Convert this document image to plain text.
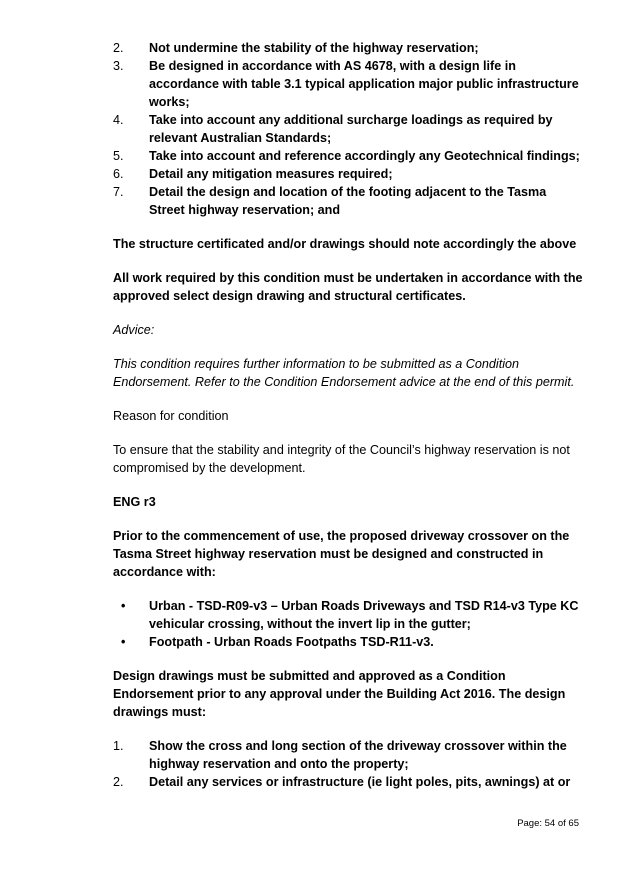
2.	Not undermine the stability of the highway reservation;
3.	Be designed in accordance with AS 4678, with a design life in accordance with table 3.1 typical application major public infrastructure works;
4.	Take into account any additional surcharge loadings as required by relevant Australian Standards;
5.	Take into account and reference accordingly any Geotechnical findings;
6.	Detail any mitigation measures required;
7.	Detail the design and location of the footing adjacent to the Tasma Street highway reservation; and

The structure certificated and/or drawings should note accordingly the above

All work required by this condition must be undertaken in accordance with the approved select design drawing and structural certificates.

Advice:

This condition requires further information to be submitted as a Condition Endorsement. Refer to the Condition Endorsement advice at the end of this permit.

Reason for condition

To ensure that the stability and integrity of the Council’s highway reservation is not compromised by the development.

ENG r3

Prior to the commencement of use, the proposed driveway crossover on the Tasma Street highway reservation must be designed and constructed in accordance with:

•	Urban - TSD-R09-v3 – Urban Roads Driveways and TSD R14-v3 Type KC vehicular crossing, without the invert lip in the gutter;
•	Footpath - Urban Roads Footpaths TSD-R11-v3.

Design drawings must be submitted and approved as a Condition Endorsement prior to any approval under the Building Act 2016. The design drawings must:

1.	Show the cross and long section of the driveway crossover within the highway reservation and onto the property;
2.	Detail any services or infrastructure (ie light poles, pits, awnings) at or
Page: 54 of 65
